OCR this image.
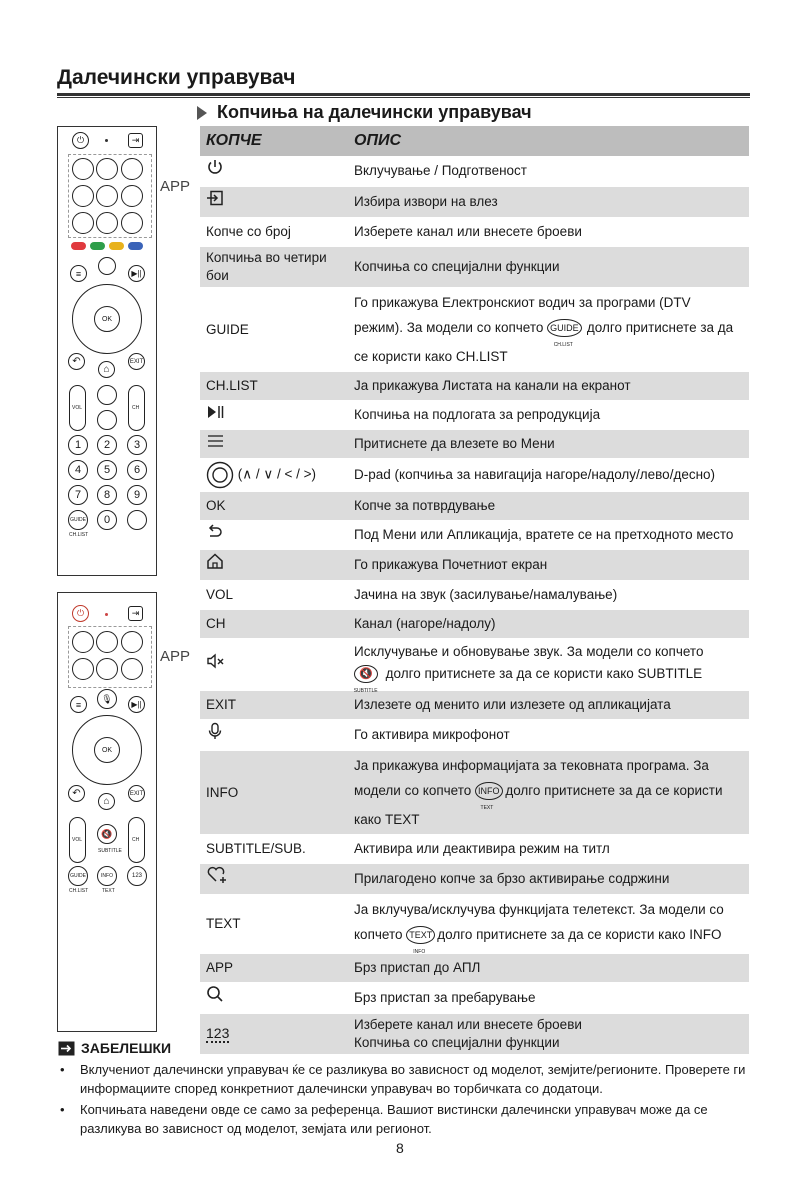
Далечински управувач
Копчиња на далечински управувач
⏻	⇥
≡	▶||
OK
↶
⌂
EXIT
VOL	CH
1	2	3
4	5	6
7	8	9
GUIDE
CH.LIST
0
APP
⏻	⇥
≡
🎙
▶||
OK
↶
⌂
EXIT
VOL
🔇
SUBTITLE
CH
GUIDE
CH.LIST
INFO
TEXT
123
APP
КОПЧЕ	ОПИС
	Вклучување / Подготвеност
	Избира извори на влез
Копче со број	Изберете канал или внесете броеви
Копчиња во четири бои	Копчиња со специјални функции
GUIDE	Го прикажува Електронскиот водич за програми (DTV режим). За модели со копчето $GUIDE_{CH.LIST}долго$ притиснете за да се користи како CH.LIST
CH.LIST	Ја прикажува Листата на канали на екранот
	Копчиња на подлогата за репродукција
	Притиснете да влезете во Мени
(∧ / ∨ / < / >)	D-pad (копчиња за навигација нагоре/надолу/лево/десно)
OK	Копче за потврдување
	Под Мени или Апликација, вратете се на претходното место
	Го прикажува Почетниот екран
VOL	Јачина на звук (засилување/намалување)
CH	Канал (нагоре/надолу)
	Исклучување и обновување звук. За модели со копчето
$🔇_{SUBTITLE}долго$ притиснете за да се користи како SUBTITLE
EXIT	Излезете од менито или излезете од апликацијата
	Го активира микрофонот
INFO	Ја прикажува информацијата за тековната програма. За модели со копчето $INFO_{TEXT}долго$ притиснете за да се користи како TEXT
SUBTITLE/SUB.	Активира или деактивира режим на титл
	Прилагодено копче за брзо активирање содржини
TEXT	Ја вклучува/исклучува функцијата телетекст. За модели со копчето $TEXT_{INFO}долго$ притиснете за да се користи како INFO
APP	Брз пристап до АПЛ
	Брз пристап за пребарување
123	Изберете канал или внесете броеви
Копчиња со специјални функции
ЗАБЕЛЕШКИ
• Вклучениот далечински управувач ќе се разликува во зависност од моделот, земјите/регионите. Проверете ги информациите според конкретниот далечински управувач во торбичката со додатоци.
• Копчињата наведени овде се само за референца. Вашиот вистински далечински управувач може да се разликува во зависност од моделот, земјата или регионот.
8
